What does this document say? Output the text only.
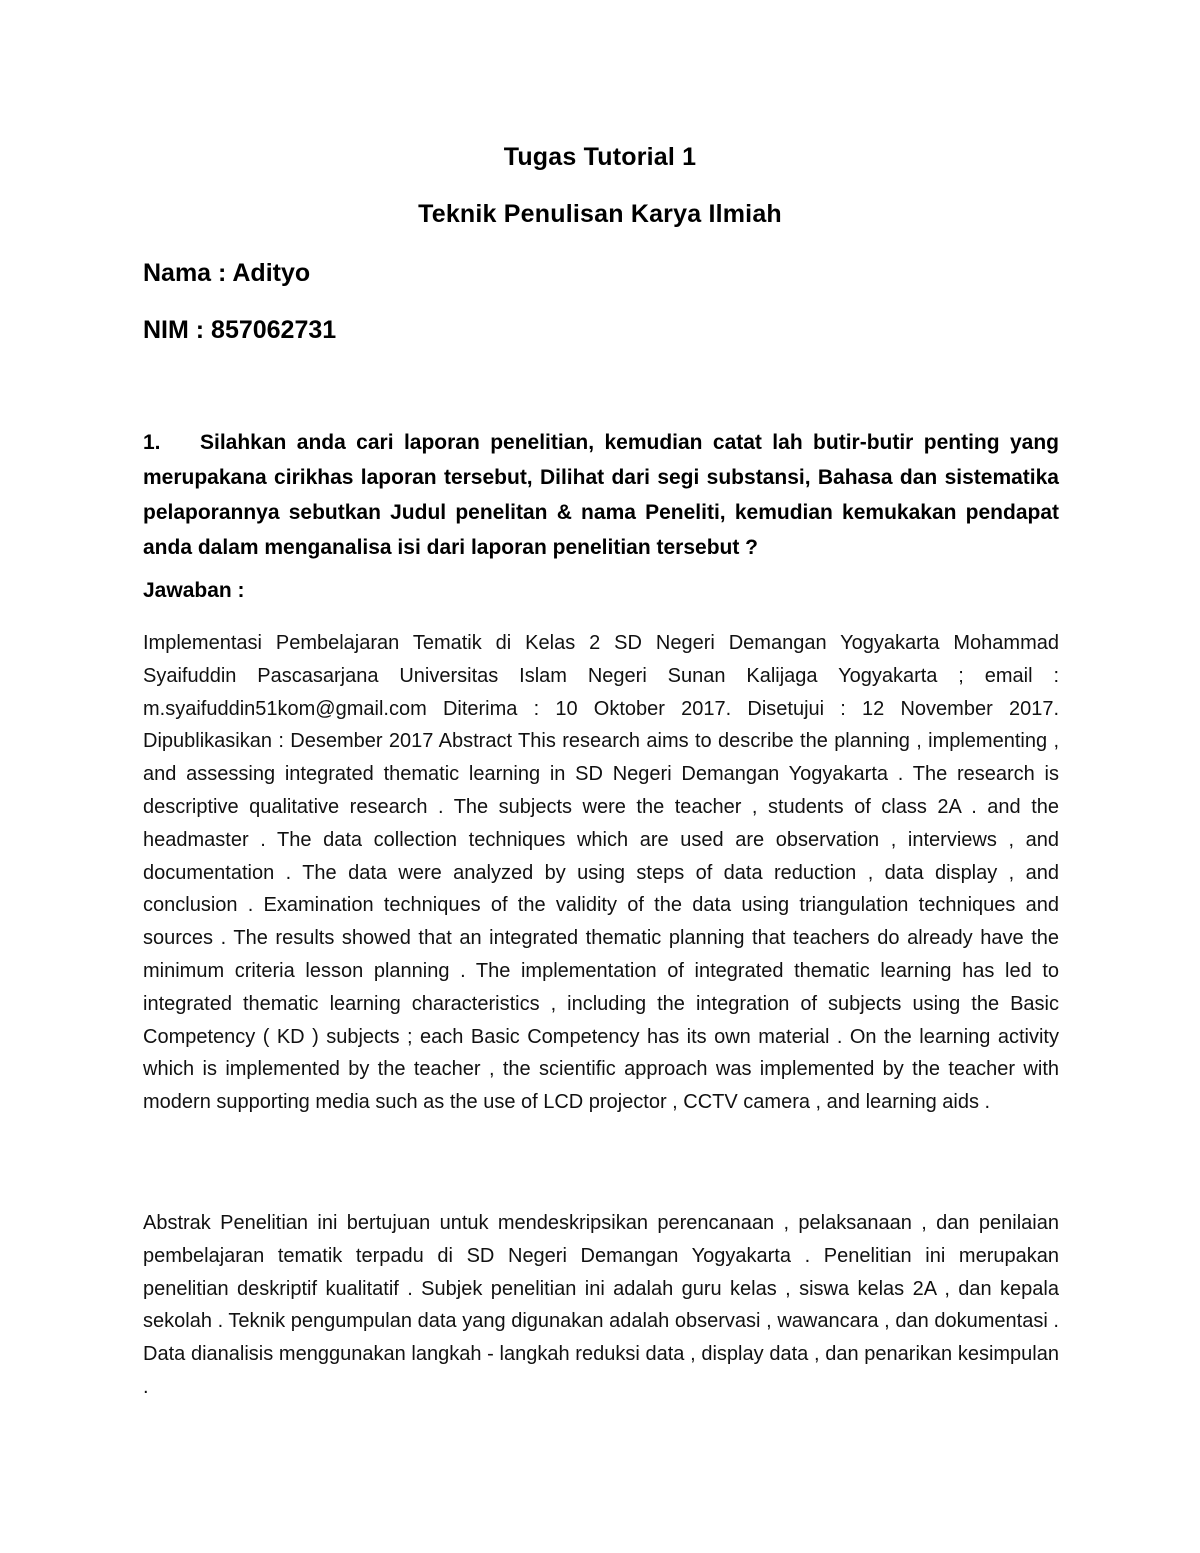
Tugas Tutorial 1
Teknik Penulisan Karya Ilmiah
Nama : Adityo
NIM : 857062731
1. Silahkan anda cari laporan penelitian, kemudian catat lah butir-butir penting yang merupakana cirikhas laporan tersebut, Dilihat dari segi substansi, Bahasa dan sistematika pelaporannya sebutkan Judul penelitan & nama Peneliti, kemudian kemukakan pendapat anda dalam menganalisa isi dari laporan penelitian tersebut ?
Jawaban :
Implementasi Pembelajaran Tematik di Kelas 2 SD Negeri Demangan Yogyakarta Mohammad Syaifuddin Pascasarjana Universitas Islam Negeri Sunan Kalijaga Yogyakarta ; email : m.syaifuddin51kom@gmail.com Diterima : 10 Oktober 2017. Disetujui : 12 November 2017. Dipublikasikan : Desember 2017 Abstract This research aims to describe the planning , implementing , and assessing integrated thematic learning in SD Negeri Demangan Yogyakarta . The research is descriptive qualitative research . The subjects were the teacher , students of class 2A . and the headmaster . The data collection techniques which are used are observation , interviews , and documentation . The data were analyzed by using steps of data reduction , data display , and conclusion . Examination techniques of the validity of the data using triangulation techniques and sources . The results showed that an integrated thematic planning that teachers do already have the minimum criteria lesson planning . The implementation of integrated thematic learning has led to integrated thematic learning characteristics , including the integration of subjects using the Basic Competency ( KD ) subjects ; each Basic Competency has its own material . On the learning activity which is implemented by the teacher , the scientific approach was implemented by the teacher with modern supporting media such as the use of LCD projector , CCTV camera , and learning aids .
Abstrak Penelitian ini bertujuan untuk mendeskripsikan perencanaan , pelaksanaan , dan penilaian pembelajaran tematik terpadu di SD Negeri Demangan Yogyakarta . Penelitian ini merupakan penelitian deskriptif kualitatif . Subjek penelitian ini adalah guru kelas , siswa kelas 2A , dan kepala sekolah . Teknik pengumpulan data yang digunakan adalah observasi , wawancara , dan dokumentasi . Data dianalisis menggunakan langkah - langkah reduksi data , display data , dan penarikan kesimpulan .
